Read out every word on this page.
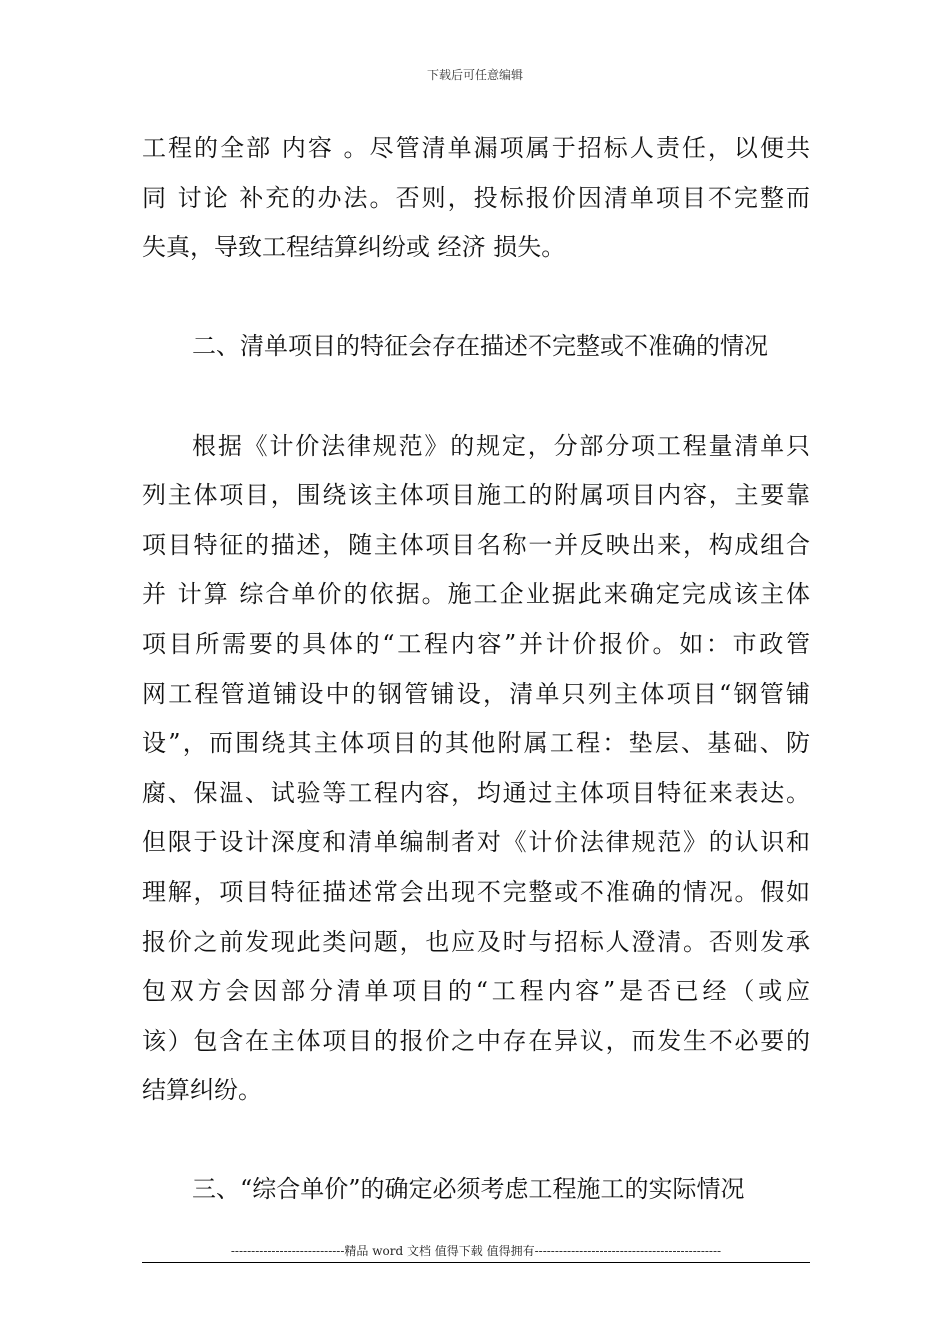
下载后可任意编辑
工程的全部 内容 。尽管清单漏项属于招标人责任，以便共
同 讨论 补充的办法。否则，投标报价因清单项目不完整而
失真，导致工程结算纠纷或 经济 损失。
二、清单项目的特征会存在描述不完整或不准确的情况
根据《计价法律规范》的规定，分部分项工程量清单只
列主体项目，围绕该主体项目施工的附属项目内容，主要靠
项目特征的描述，随主体项目名称一并反映出来，构成组合
并 计算 综合单价的依据。施工企业据此来确定完成该主体
项目所需要的具体的“工程内容”并计价报价。如：市政管
网工程管道铺设中的钢管铺设，清单只列主体项目“钢管铺
设”，而围绕其主体项目的其他附属工程：垫层、基础、防
腐、保温、试验等工程内容，均通过主体项目特征来表达。
但限于设计深度和清单编制者对《计价法律规范》的认识和
理解，项目特征描述常会出现不完整或不准确的情况。假如
报价之前发现此类问题，也应及时与招标人澄清。否则发承
包双方会因部分清单项目的“工程内容”是否已经（或应
该）包含在主体项目的报价之中存在异议，而发生不必要的
结算纠纷。
三、“综合单价”的确定必须考虑工程施工的实际情况
----------------------------精品 word 文档 值得下载 值得拥有----------------------------------------------
